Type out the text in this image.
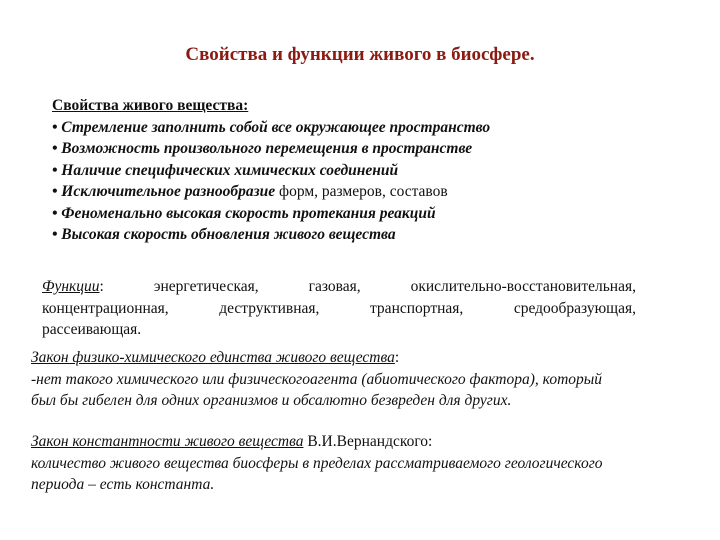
Свойства и функции живого в биосфере.
Свойства живого вещества:
• Стремление заполнить собой все окружающее пространство
• Возможность произвольного перемещения в пространстве
• Наличие специфических химических соединений
• Исключительное разнообразие форм, размеров, составов
• Феноменально высокая скорость протекания реакций
• Высокая скорость обновления живого вещества
Функции: энергетическая, газовая, окислительно-восстановительная,
концентрационная, деструктивная, транспортная, средообразующая,
рассеивающая.
Закон физико-химического единства живого вещества:
-нет такого химического или физическогоагента (абиотического фактора), который
был бы гибелен для одних организмов и обсалютно безвреден для других.
Закон константности живого вещества В.И.Вернандского:
количество живого вещества биосферы в пределах рассматриваемого геологического
периода – есть константа.
